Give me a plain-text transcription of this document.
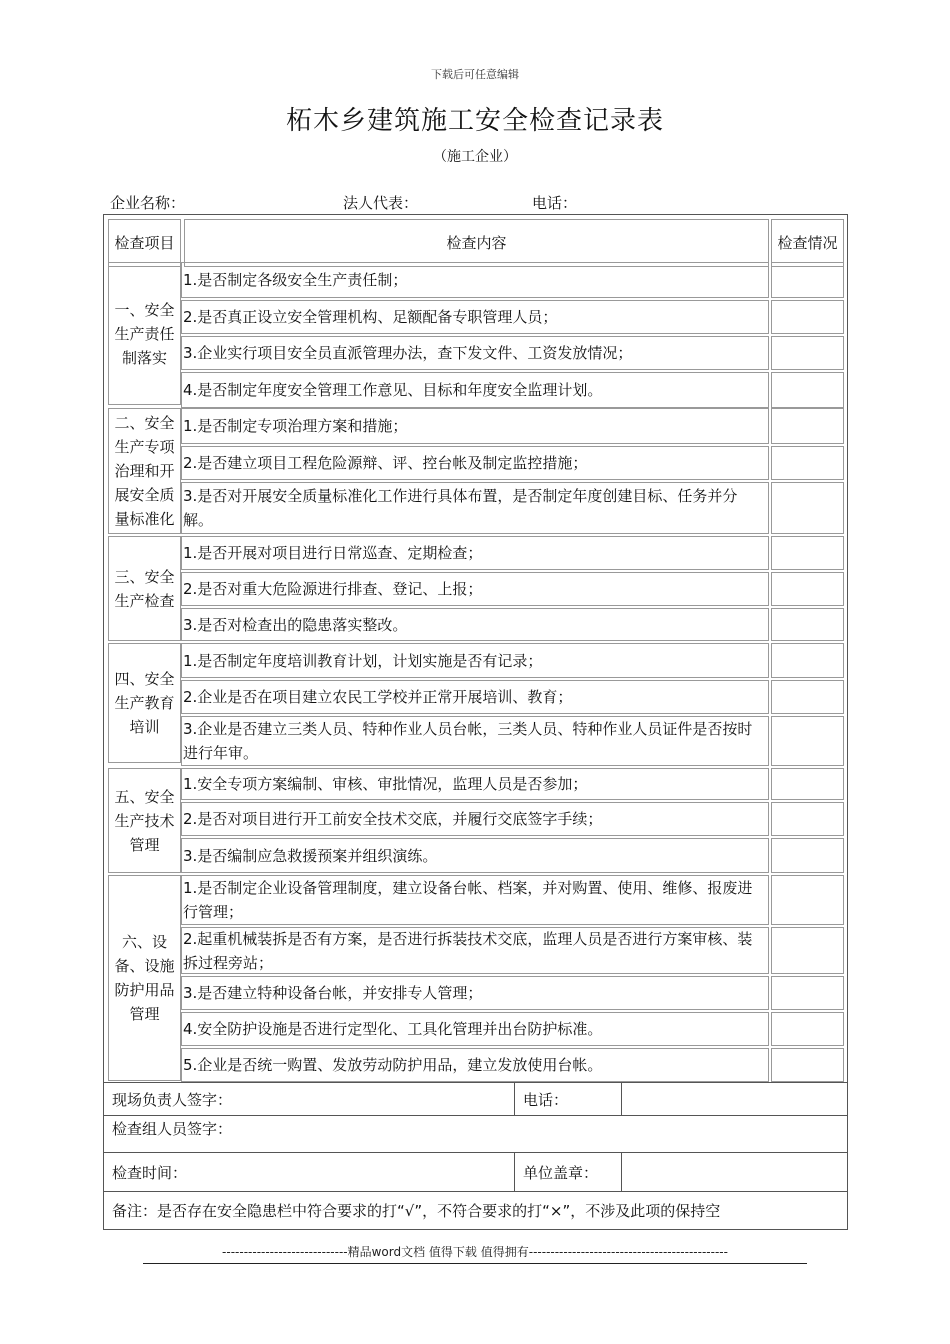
下载后可任意编辑
柘木乡建筑施工安全检查记录表
（施工企业）
企业名称：	法人代表：	电话：
检查项目	检查内容	检查情况
一、安全生产责任制落实
1.是否制定各级安全生产责任制；
2.是否真正设立安全管理机构、足额配备专职管理人员；
3.企业实行项目安全员直派管理办法，查下发文件、工资发放情况；
4.是否制定年度安全管理工作意见、目标和年度安全监理计划。
二、安全生产专项治理和开展安全质量标准化
1.是否制定专项治理方案和措施；
2.是否建立项目工程危险源辩、评、控台帐及制定监控措施；
3.是否对开展安全质量标准化工作进行具体布置，是否制定年度创建目标、任务并分解。
三、安全生产检查
1.是否开展对项目进行日常巡查、定期检查；
2.是否对重大危险源进行排查、登记、上报；
3.是否对检查出的隐患落实整改。
四、安全生产教育培训
1.是否制定年度培训教育计划，计划实施是否有记录；
2.企业是否在项目建立农民工学校并正常开展培训、教育；
3.企业是否建立三类人员、特种作业人员台帐，三类人员、特种作业人员证件是否按时进行年审。
五、安全生产技术管理
1.安全专项方案编制、审核、审批情况，监理人员是否参加；
2.是否对项目进行开工前安全技术交底，并履行交底签字手续；
3.是否编制应急救援预案并组织演练。
六、设备、设施防护用品管理
1.是否制定企业设备管理制度，建立设备台帐、档案，并对购置、使用、维修、报废进行管理；
2.起重机械装拆是否有方案，是否进行拆装技术交底，监理人员是否进行方案审核、装拆过程旁站；
3.是否建立特种设备台帐，并安排专人管理；
4.安全防护设施是否进行定型化、工具化管理并出台防护标准。
5.企业是否统一购置、发放劳动防护用品，建立发放使用台帐。
现场负责人签字：	电话：
检查组人员签字：
检查时间：	单位盖章：
备注：是否存在安全隐患栏中符合要求的打“√”，不符合要求的打“×”，不涉及此项的保持空
-----------------------------精品word文档 值得下载 值得拥有----------------------------------------------
